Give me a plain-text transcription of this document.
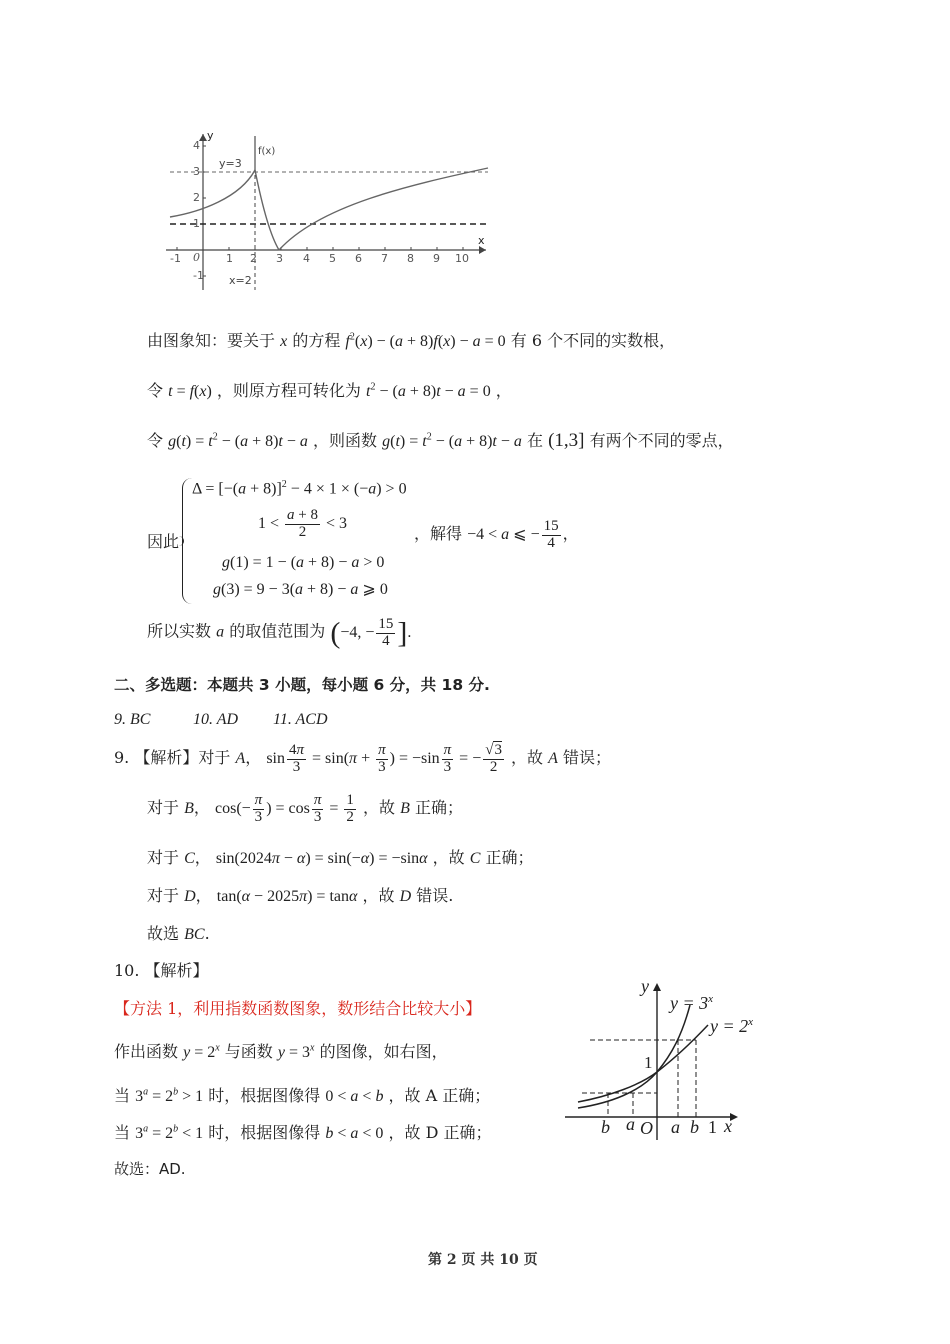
y
x
4
3
2
1
-1
-1 0 1 2 3 4 5 6 7 8 9 10
y=3
f(x)
x=2
由图象知：要关于 x 的方程 $f^2(x) - (a + 8)f(x) - a = 0$ 有 6 个不同的实数根，
令 t = f(x) ，则原方程可转化为 $t^2 - (a + 8)t - a = 0$ ，
令 $g(t) = t^2 - (a + 8)t - a$ ，则函数 $g(t) = t^2 - (a + 8)t - a$ 在 (1,3] 有两个不同的零点，
因此
$\Delta = [-(a + 8)]^2 - 4 \times 1 \times (-a) > 0$
$1 < \frac{a + 8}{2} < 3$
g(1) = 1 − (a + 8) − a > 0
g(3) = 9 − 3(a + 8) − a ⩾ 0
，解得 −4 < a ⩽ − $\frac{15}{4}$ ，
所以实数 a 的取值范围为 (−4, − $\frac{15}{4}$ ].
二、多选题：本题共 3 小题，每小题 6 分，共 18 分.
9. BC	10. AD 11. ACD
9. 【解析】对于 A， $\sin \frac{4\pi}{3} = \sin(\pi + \frac{\pi}{3}$ ) = $-\sin \frac{\pi}{3}$ = − $\frac{√3}{2}$ ，故 A 错误；
对于 B， $\cos(- \frac{\pi}{3}$ ) = $\cos \frac{\pi}{3} = \frac{1}{2}$ ，故 B 正确；
对于 C， sin(2024π − α) = sin(−α) = −sinα ，故 C 正确；
对于 D， tan(α − 2025π) = tanα ，故 D 错误.
故选 BC.
10. 【解析】
【方法 1，利用指数函数图象，数形结合比较大小】
作出函数 $y = 2^x$ 与函数 $y = 3^x$ 的图像，如右图，
当 $3^a = 2^b > 1$ 时，根据图像得 0 < a < b ，故 A 正确；
当 $3^a = 2^b < 1$ 时，根据图像得 b < a < 0 ，故 D 正确；
故选：AD.
y
x
$y = 3^x$
$y = 2^x$
1
O
b a a b 1
第 2 页 共 10 页
